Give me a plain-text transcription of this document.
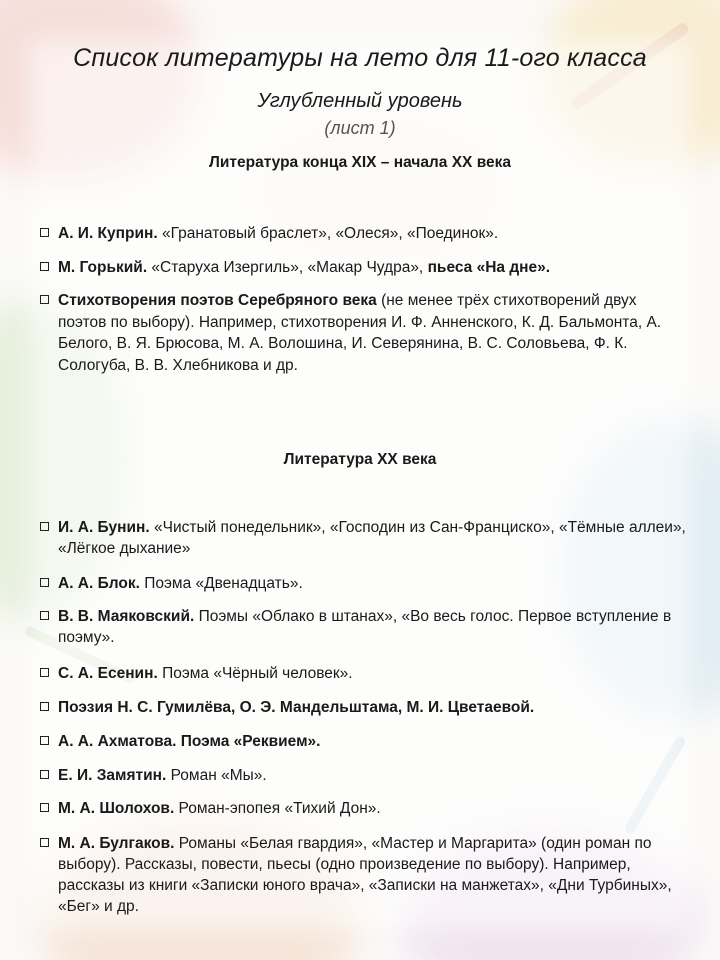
Список литературы на лето для 11-ого класса
Углубленный уровень
(лист 1)
Литература конца XIX – начала XX века
А. И. Куприн. «Гранатовый браслет», «Олеся», «Поединок».
М. Горький. «Старуха Изергиль», «Макар Чудра», пьеса «На дне».
Стихотворения поэтов Серебряного века (не менее трёх стихотворений двух поэтов по выбору). Например, стихотворения И. Ф. Анненского, К. Д. Бальмонта, А. Белого, В. Я. Брюсова, М. А. Волошина, И. Северянина, В. С. Соловьева, Ф. К. Сологуба, В. В. Хлебникова и др.
Литература XX века
И. А. Бунин. «Чистый понедельник», «Господин из Сан-Франциско», «Тёмные аллеи», «Лёгкое дыхание»
А. А. Блок. Поэма «Двенадцать».
В. В. Маяковский. Поэмы «Облако в штанах», «Во весь голос. Первое вступление в поэму».
С. А. Есенин. Поэма «Чёрный человек».
Поэзия Н. С. Гумилёва, О. Э. Мандельштама, М. И. Цветаевой.
А. А. Ахматова. Поэма «Реквием».
Е. И. Замятин. Роман «Мы».
М. А. Шолохов. Роман-эпопея «Тихий Дон».
М. А. Булгаков. Романы «Белая гвардия», «Мастер и Маргарита» (один роман по выбору). Рассказы, повести, пьесы (одно произведение по выбору). Например, рассказы из книги «Записки юного врача», «Записки на манжетах», «Дни Турбиных», «Бег» и др.
